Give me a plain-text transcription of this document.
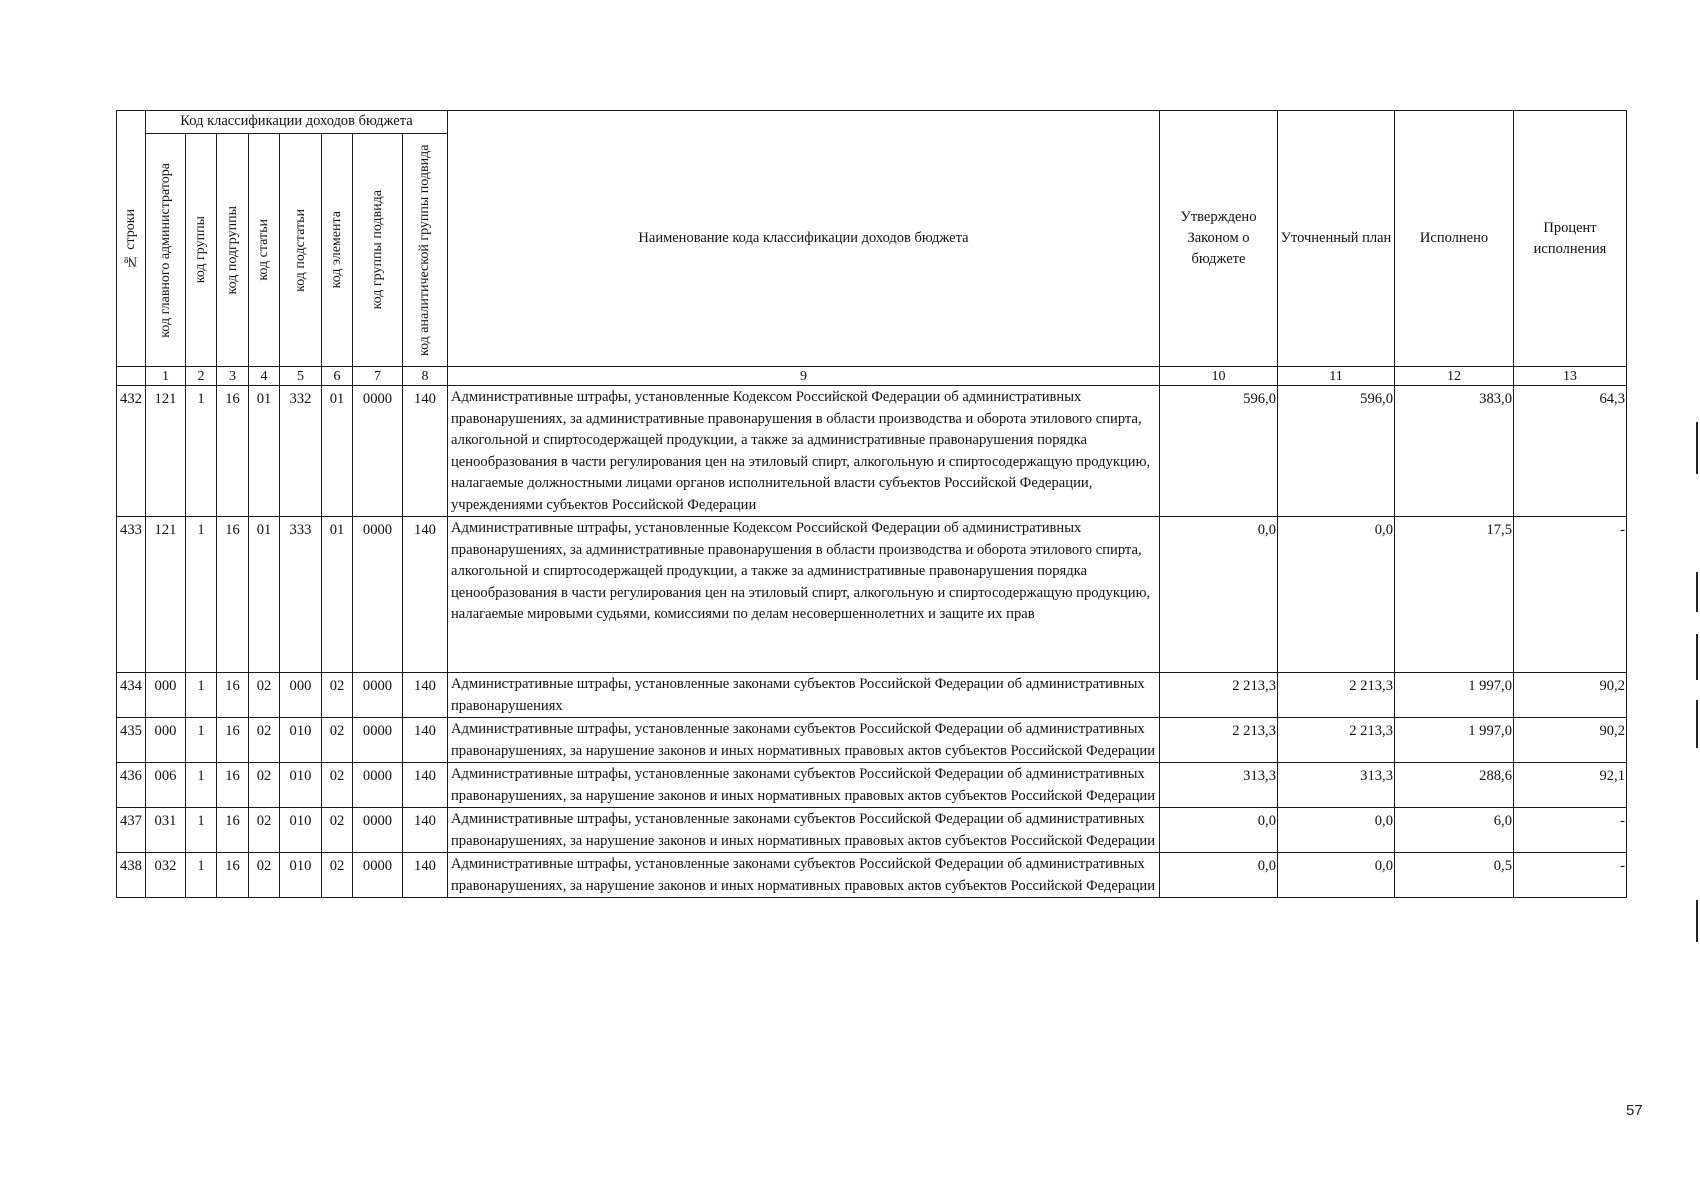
№ строки	Код классификации доходов бюджета								Наименование кода классификации доходов бюджета	Утверждено Законом о бюджете	Уточненный план	Исполнено	Процент исполнения

	код главного администратора	код группы	код подгруппы	код статьи	код подстатьи	код элемента	код группы подвида	код аналитической группы подвида					

	1	2	3	4	5	6	7	8	9	10	11	12	13
432	121	1	16	01	332	01	0000	140	Административные штрафы, установленные Кодексом Российской Федерации об административных правонарушениях, за административные правонарушения в области производства и оборота этилового спирта, алкогольной и спиртосодержащей продукции, а также за административные правонарушения порядка ценообразования в части регулирования цен на этиловый спирт, алкогольную и спиртосодержащую продукцию, налагаемые должностными лицами органов исполнительной власти субъектов Российской Федерации, учреждениями субъектов Российской Федерации	596,0	596,0	383,0	64,3
433	121	1	16	01	333	01	0000	140	Административные штрафы, установленные Кодексом Российской Федерации об административных правонарушениях, за административные правонарушения в области производства и оборота этилового спирта, алкогольной и спиртосодержащей продукции, а также за административные правонарушения порядка ценообразования в части регулирования цен на этиловый спирт, алкогольную и спиртосодержащую продукцию, налагаемые мировыми судьями, комиссиями по делам несовершеннолетних и защите их прав	0,0	0,0	17,5	-
434	000	1	16	02	000	02	0000	140	Административные штрафы, установленные законами субъектов Российской Федерации об административных правонарушениях	2 213,3	2 213,3	1 997,0	90,2
435	000	1	16	02	010	02	0000	140	Административные штрафы, установленные законами субъектов Российской Федерации об административных правонарушениях, за нарушение законов и иных нормативных правовых актов субъектов Российской Федерации	2 213,3	2 213,3	1 997,0	90,2
436	006	1	16	02	010	02	0000	140	Административные штрафы, установленные законами субъектов Российской Федерации об административных правонарушениях, за нарушение законов и иных нормативных правовых актов субъектов Российской Федерации	313,3	313,3	288,6	92,1
437	031	1	16	02	010	02	0000	140	Административные штрафы, установленные законами субъектов Российской Федерации об административных правонарушениях, за нарушение законов и иных нормативных правовых актов субъектов Российской Федерации	0,0	0,0	6,0	-
438	032	1	16	02	010	02	0000	140	Административные штрафы, установленные законами субъектов Российской Федерации об административных правонарушениях, за нарушение законов и иных нормативных правовых актов субъектов Российской Федерации	0,0	0,0	0,5	-
57
